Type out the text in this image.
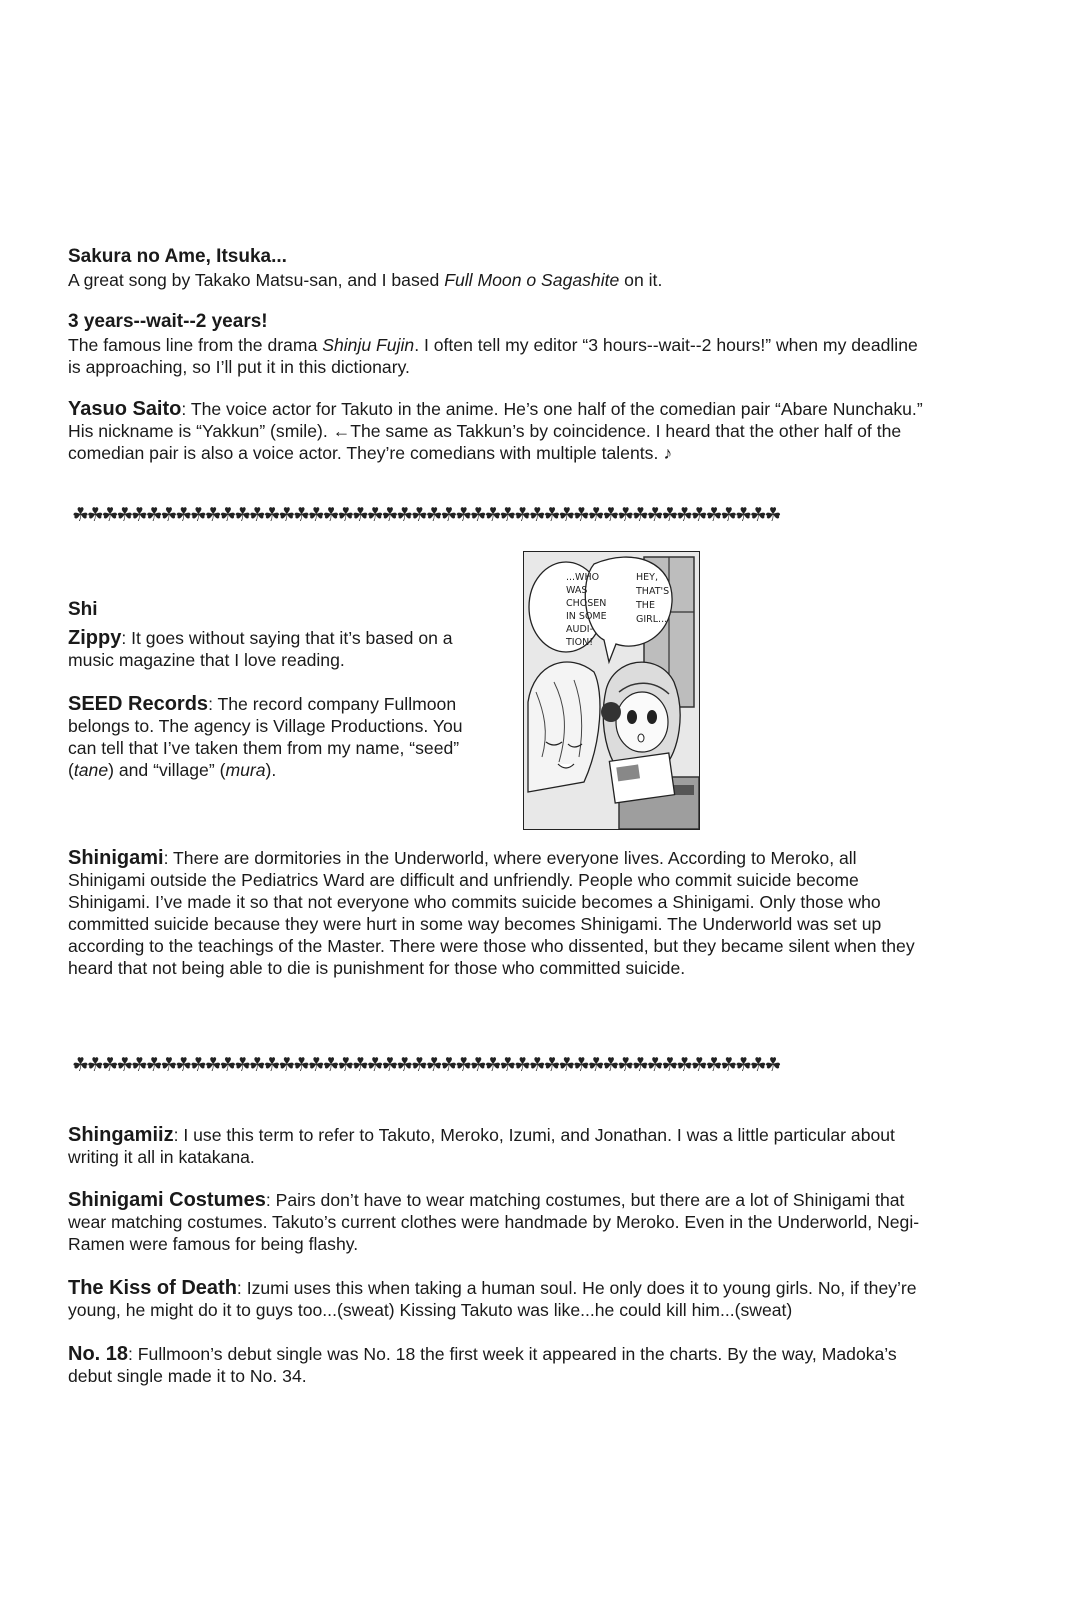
Sakura no Ame, Itsuka...
A great song by Takako Matsu-san, and I based Full Moon o Sagashite on it.
3 years--wait--2 years!
The famous line from the drama Shinju Fujin. I often tell my editor “3 hours--wait--2 hours!” when my deadline is approaching, so I’ll put it in this dictionary.
Yasuo Saito: The voice actor for Takuto in the anime. He’s one half of the comedian pair “Abare Nunchaku.” His nickname is “Yakkun” (smile). ←The same as Takkun’s by coincidence. I heard that the other half of the comedian pair is also a voice actor. They’re comedians with multiple talents. ♪
☘☘☘☘☘☘☘☘☘☘☘☘☘☘☘☘☘☘☘☘☘☘☘☘☘☘☘☘☘☘☘☘☘☘☘☘☘☘☘☘☘☘☘☘☘☘☘☘
Shi
Zippy: It goes without saying that it’s based on a music magazine that I love reading.
SEED Records: The record company Fullmoon belongs to. The agency is Village Productions. You can tell that I’ve taken them from my name, “seed” (tane) and “village” (mura).
...WHO WAS CHOSEN IN SOME AUDI- TION!
HEY, THAT'S THE GIRL...
Shinigami: There are dormitories in the Underworld, where everyone lives. According to Meroko, all Shinigami outside the Pediatrics Ward are difficult and unfriendly. People who commit suicide become Shinigami. I’ve made it so that not everyone who commits suicide becomes a Shinigami. Only those who committed suicide because they were hurt in some way becomes Shinigami. The Underworld was set up according to the teachings of the Master. There were those who dissented, but they became silent when they heard that not being able to die is punishment for those who committed suicide.
☘☘☘☘☘☘☘☘☘☘☘☘☘☘☘☘☘☘☘☘☘☘☘☘☘☘☘☘☘☘☘☘☘☘☘☘☘☘☘☘☘☘☘☘☘☘☘☘
Shingamiiz: I use this term to refer to Takuto, Meroko, Izumi, and Jonathan. I was a little particular about writing it all in katakana.
Shinigami Costumes: Pairs don’t have to wear matching costumes, but there are a lot of Shinigami that wear matching costumes. Takuto’s current clothes were handmade by Meroko. Even in the Underworld, Negi-Ramen were famous for being flashy.
The Kiss of Death: Izumi uses this when taking a human soul. He only does it to young girls. No, if they’re young, he might do it to guys too...(sweat) Kissing Takuto was like...he could kill him...(sweat)
No. 18: Fullmoon’s debut single was No. 18 the first week it appeared in the charts. By the way, Madoka’s debut single made it to No. 34.
